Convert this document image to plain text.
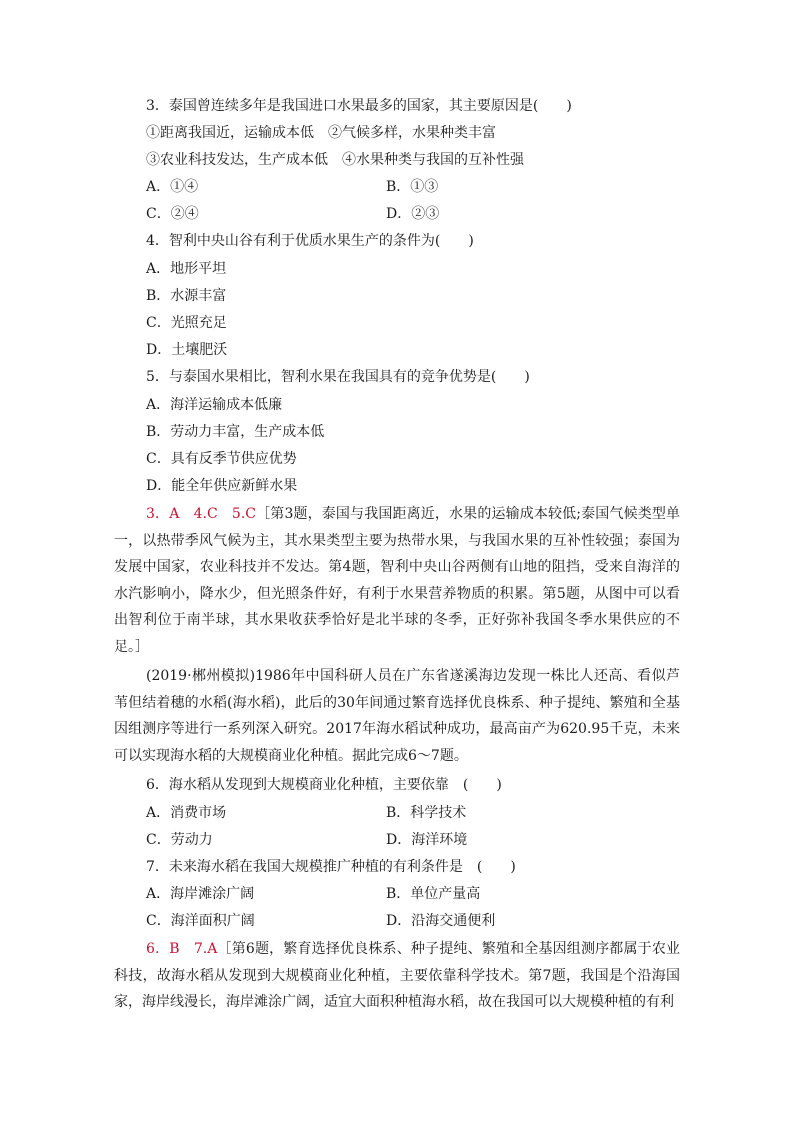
3．泰国曾连续多年是我国进口水果最多的国家，其主要原因是(　　)
①距离我国近，运输成本低　②气候多样，水果种类丰富
③农业科技发达，生产成本低　④水果种类与我国的互补性强
A．①④	B．①③
C．②④	D．②③
4．智利中央山谷有利于优质水果生产的条件为(　　)
A．地形平坦
B．水源丰富
C．光照充足
D．土壤肥沃
5．与泰国水果相比，智利水果在我国具有的竞争优势是(　　)
A．海洋运输成本低廉
B．劳动力丰富，生产成本低
C．具有反季节供应优势
D．能全年供应新鲜水果
3．A　4.C　5.C［第3题，泰国与我国距离近，水果的运输成本较低;泰国气候类型单一，以热带季风气候为主，其水果类型主要为热带水果，与我国水果的互补性较强；泰国为发展中国家，农业科技并不发达。第4题，智利中央山谷两侧有山地的阻挡，受来自海洋的水汽影响小，降水少，但光照条件好，有利于水果营养物质的积累。第5题，从图中可以看出智利位于南半球，其水果收获季恰好是北半球的冬季，正好弥补我国冬季水果供应的不足。］
(2019·郴州模拟)1986年中国科研人员在广东省遂溪海边发现一株比人还高、看似芦苇但结着穗的水稻(海水稻)，此后的30年间通过繁育选择优良株系、种子提纯、繁殖和全基因组测序等进行一系列深入研究。2017年海水稻试种成功，最高亩产为620.95千克，未来可以实现海水稻的大规模商业化种植。据此完成6～7题。
6．海水稻从发现到大规模商业化种植，主要依靠　(　　)
A．消费市场	B．科学技术
C．劳动力	D．海洋环境
7．未来海水稻在我国大规模推广种植的有利条件是　(　　)
A．海岸滩涂广阔	B．单位产量高
C．海洋面积广阔	D．沿海交通便利
6．B　7.A［第6题，繁育选择优良株系、种子提纯、繁殖和全基因组测序都属于农业科技，故海水稻从发现到大规模商业化种植，主要依靠科学技术。第7题，我国是个沿海国家，海岸线漫长，海岸滩涂广阔，适宜大面积种植海水稻，故在我国可以大规模种植的有利
